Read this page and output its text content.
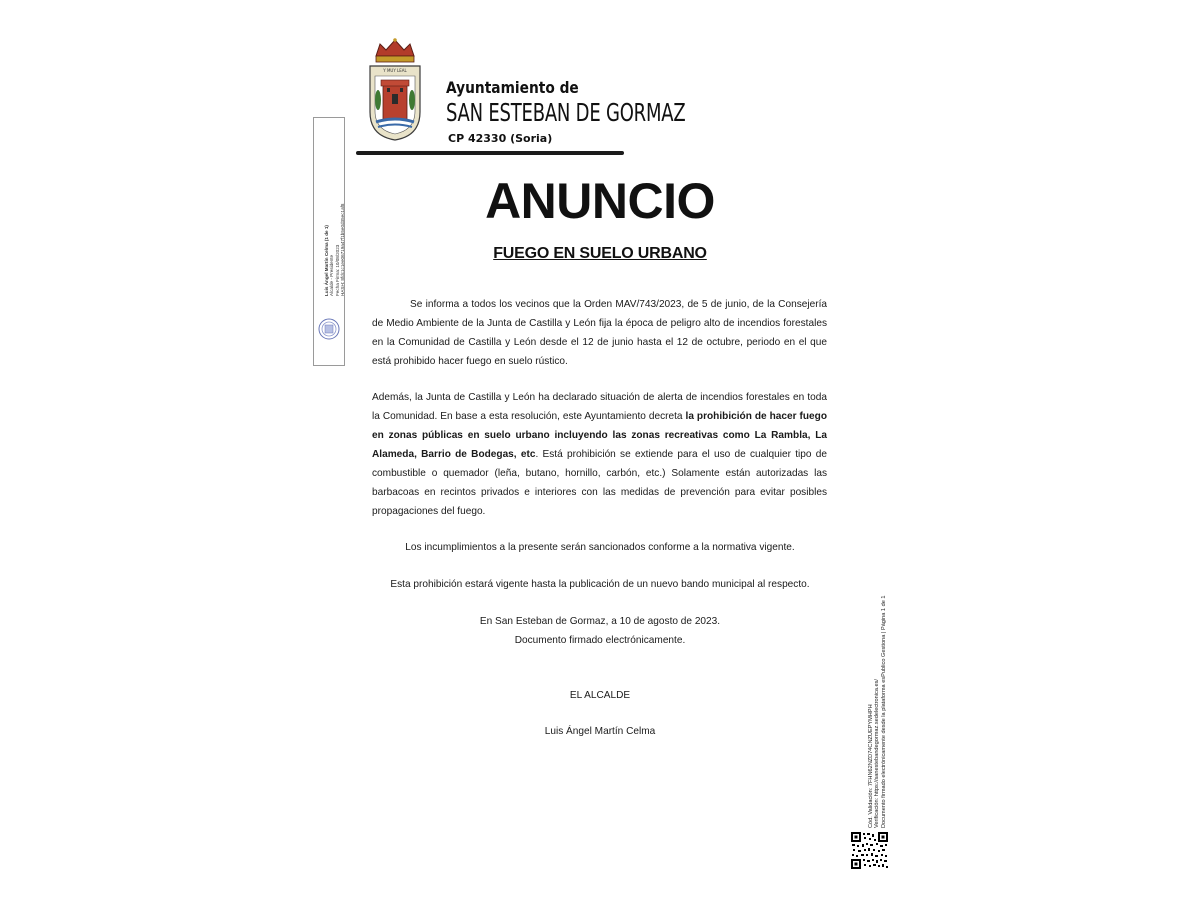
Y MUY LEAL
Ayuntamiento de
SAN ESTEBAN DE GORMAZ
CP 42330 (Soria)
Luis Ángel Martín Celma (1 de 1) Alcalde - Presidente Fecha Firma: 10/08/2023 HASH: 8fdc1c1ee06719a47f1b5e0d35ec1af8
ANUNCIO
FUEGO EN SUELO URBANO
Se informa a todos los vecinos que la Orden MAV/743/2023, de 5 de junio, de la Consejería de Medio Ambiente de la Junta de Castilla y León fija la época de peligro alto de incendios forestales en la Comunidad de Castilla y León desde el 12 de junio hasta el 12 de octubre, periodo en el que está prohibido hacer fuego en suelo rústico.
Además, la Junta de Castilla y León ha declarado situación de alerta de incendios forestales en toda la Comunidad. En base a esta resolución, este Ayuntamiento decreta la prohibición de hacer fuego en zonas públicas en suelo urbano incluyendo las zonas recreativas como La Rambla, La Alameda, Barrio de Bodegas, etc. Está prohibición se extiende para el uso de cualquier tipo de combustible o quemador (leña, butano, hornillo, carbón, etc.) Solamente están autorizadas las barbacoas en recintos privados e interiores con las medidas de prevención para evitar posibles propagaciones del fuego.
Los incumplimientos a la presente serán sancionados conforme a la normativa vigente.
Esta prohibición estará vigente hasta la publicación de un nuevo bando municipal al respecto.
En San Esteban de Gormaz, a 10 de agosto de 2023.
Documento firmado electrónicamente.
EL ALCALDE
Luis Ángel Martín Celma	Cód. Validación: 7FHN62NZD74CNZUEPYMHPH Verificación: https://sanestebandegormaz.sedelectronica.es/ Documento firmado electrónicamente desde la plataforma esPublico Gestiona | Página 1 de 1
